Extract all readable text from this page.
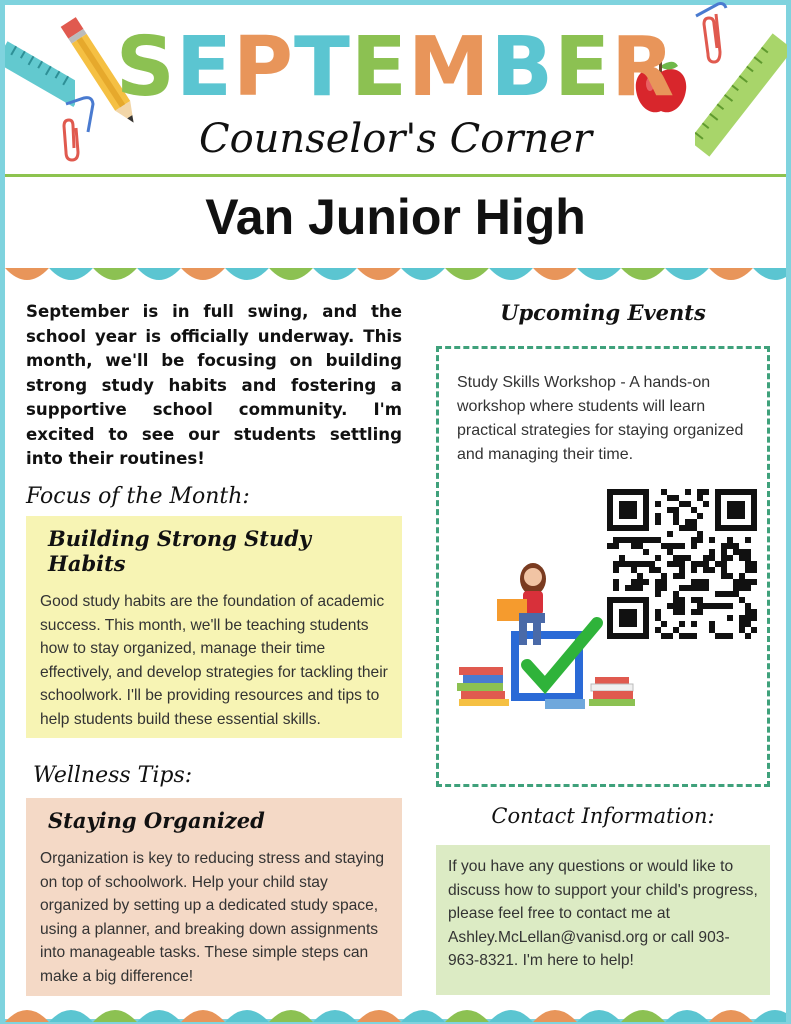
SEPTEMBER
Counselor's Corner
Van Junior High
September is in full swing, and the school year is officially underway. This month, we'll be focusing on building strong study habits and fostering a supportive school community. I'm excited to see our students settling into their routines!
Focus of the Month:
Building Strong Study Habits
Good study habits are the foundation of academic success. This month, we'll be teaching students how to stay organized, manage their time effectively, and develop strategies for tackling their schoolwork. I'll be providing resources and tips to help students build these essential skills.
Wellness Tips:
Staying Organized
Organization is key to reducing stress and staying on top of schoolwork. Help your child stay organized by setting up a dedicated study space, using a planner, and breaking down assignments into manageable tasks. These simple steps can make a big difference!
Upcoming Events
Study Skills Workshop - A hands-on workshop where students will learn practical strategies for staying organized and managing their time.
Contact Information:
If you have any questions or would like to discuss how to support your child's progress, please feel free to contact me at Ashley.McLellan@vanisd.org or call 903-963-8321. I'm here to help!
